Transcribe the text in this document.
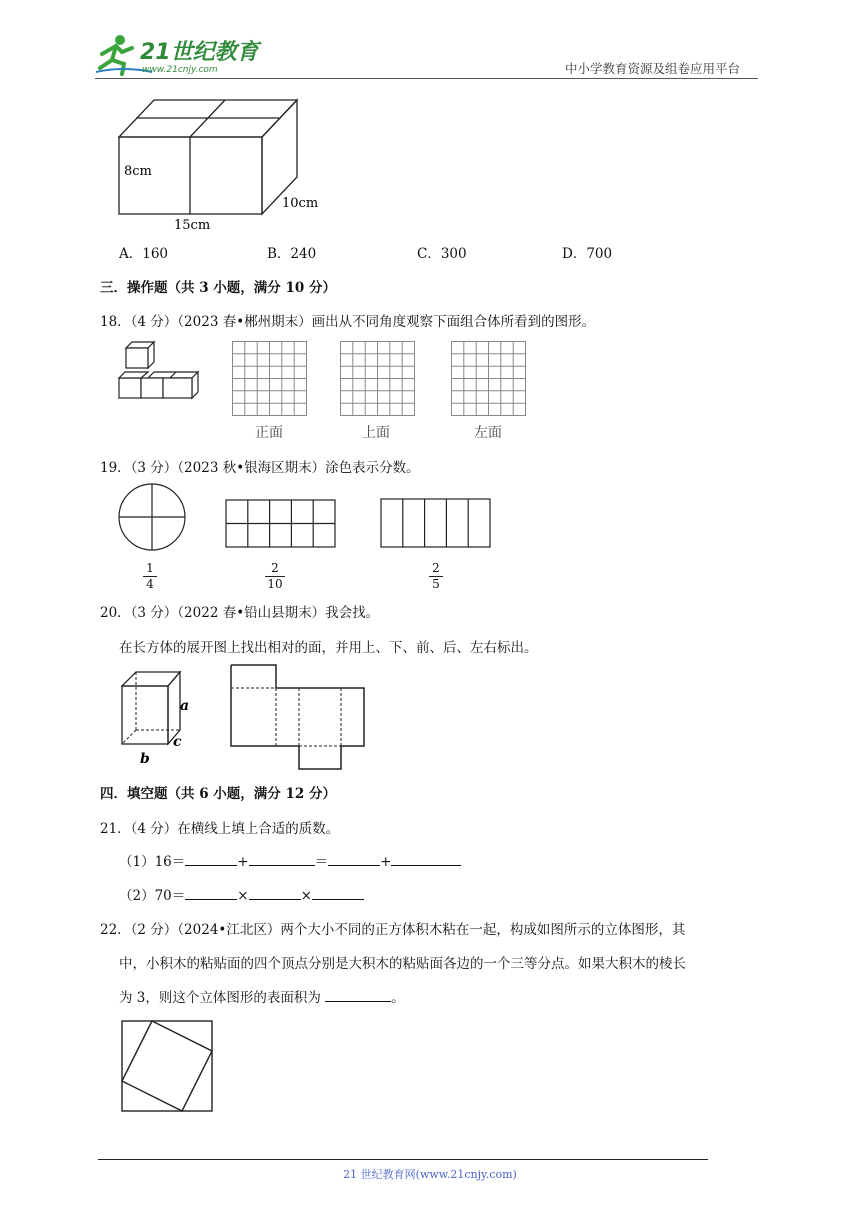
21世纪教育
www.21cnjy.com	中小学教育资源及组卷应用平台
8cm
15cm
10cm
A．160	B．240	C．300	D．700
三．操作题（共 3 小题，满分 10 分）
18．（4 分）（2023 春•郴州期末）画出从不同角度观察下面组合体所看到的图形。
正面	上面	左面
19．（3 分）（2023 秋•银海区期末）涂色表示分数。
1
4
2
10
2
5
20．（3 分）（2022 春•铅山县期末）我会找。
在长方体的展开图上找出相对的面，并用上、下、前、后、左右标出。
a
b
c
四．填空题（共 6 小题，满分 12 分）
21．（4 分）在横线上填上合适的质数。
（1）16＝	+	＝	+
（2）70＝	×	×
22．（2 分）（2024•江北区）两个大小不同的正方体积木粘在一起，构成如图所示的立体图形，其
中，小积木的粘贴面的四个顶点分别是大积木的粘贴面各边的一个三等分点。如果大积木的棱长
为 3，则这个立体图形的表面积为	。
21 世纪教育网(www.21cnjy.com)
